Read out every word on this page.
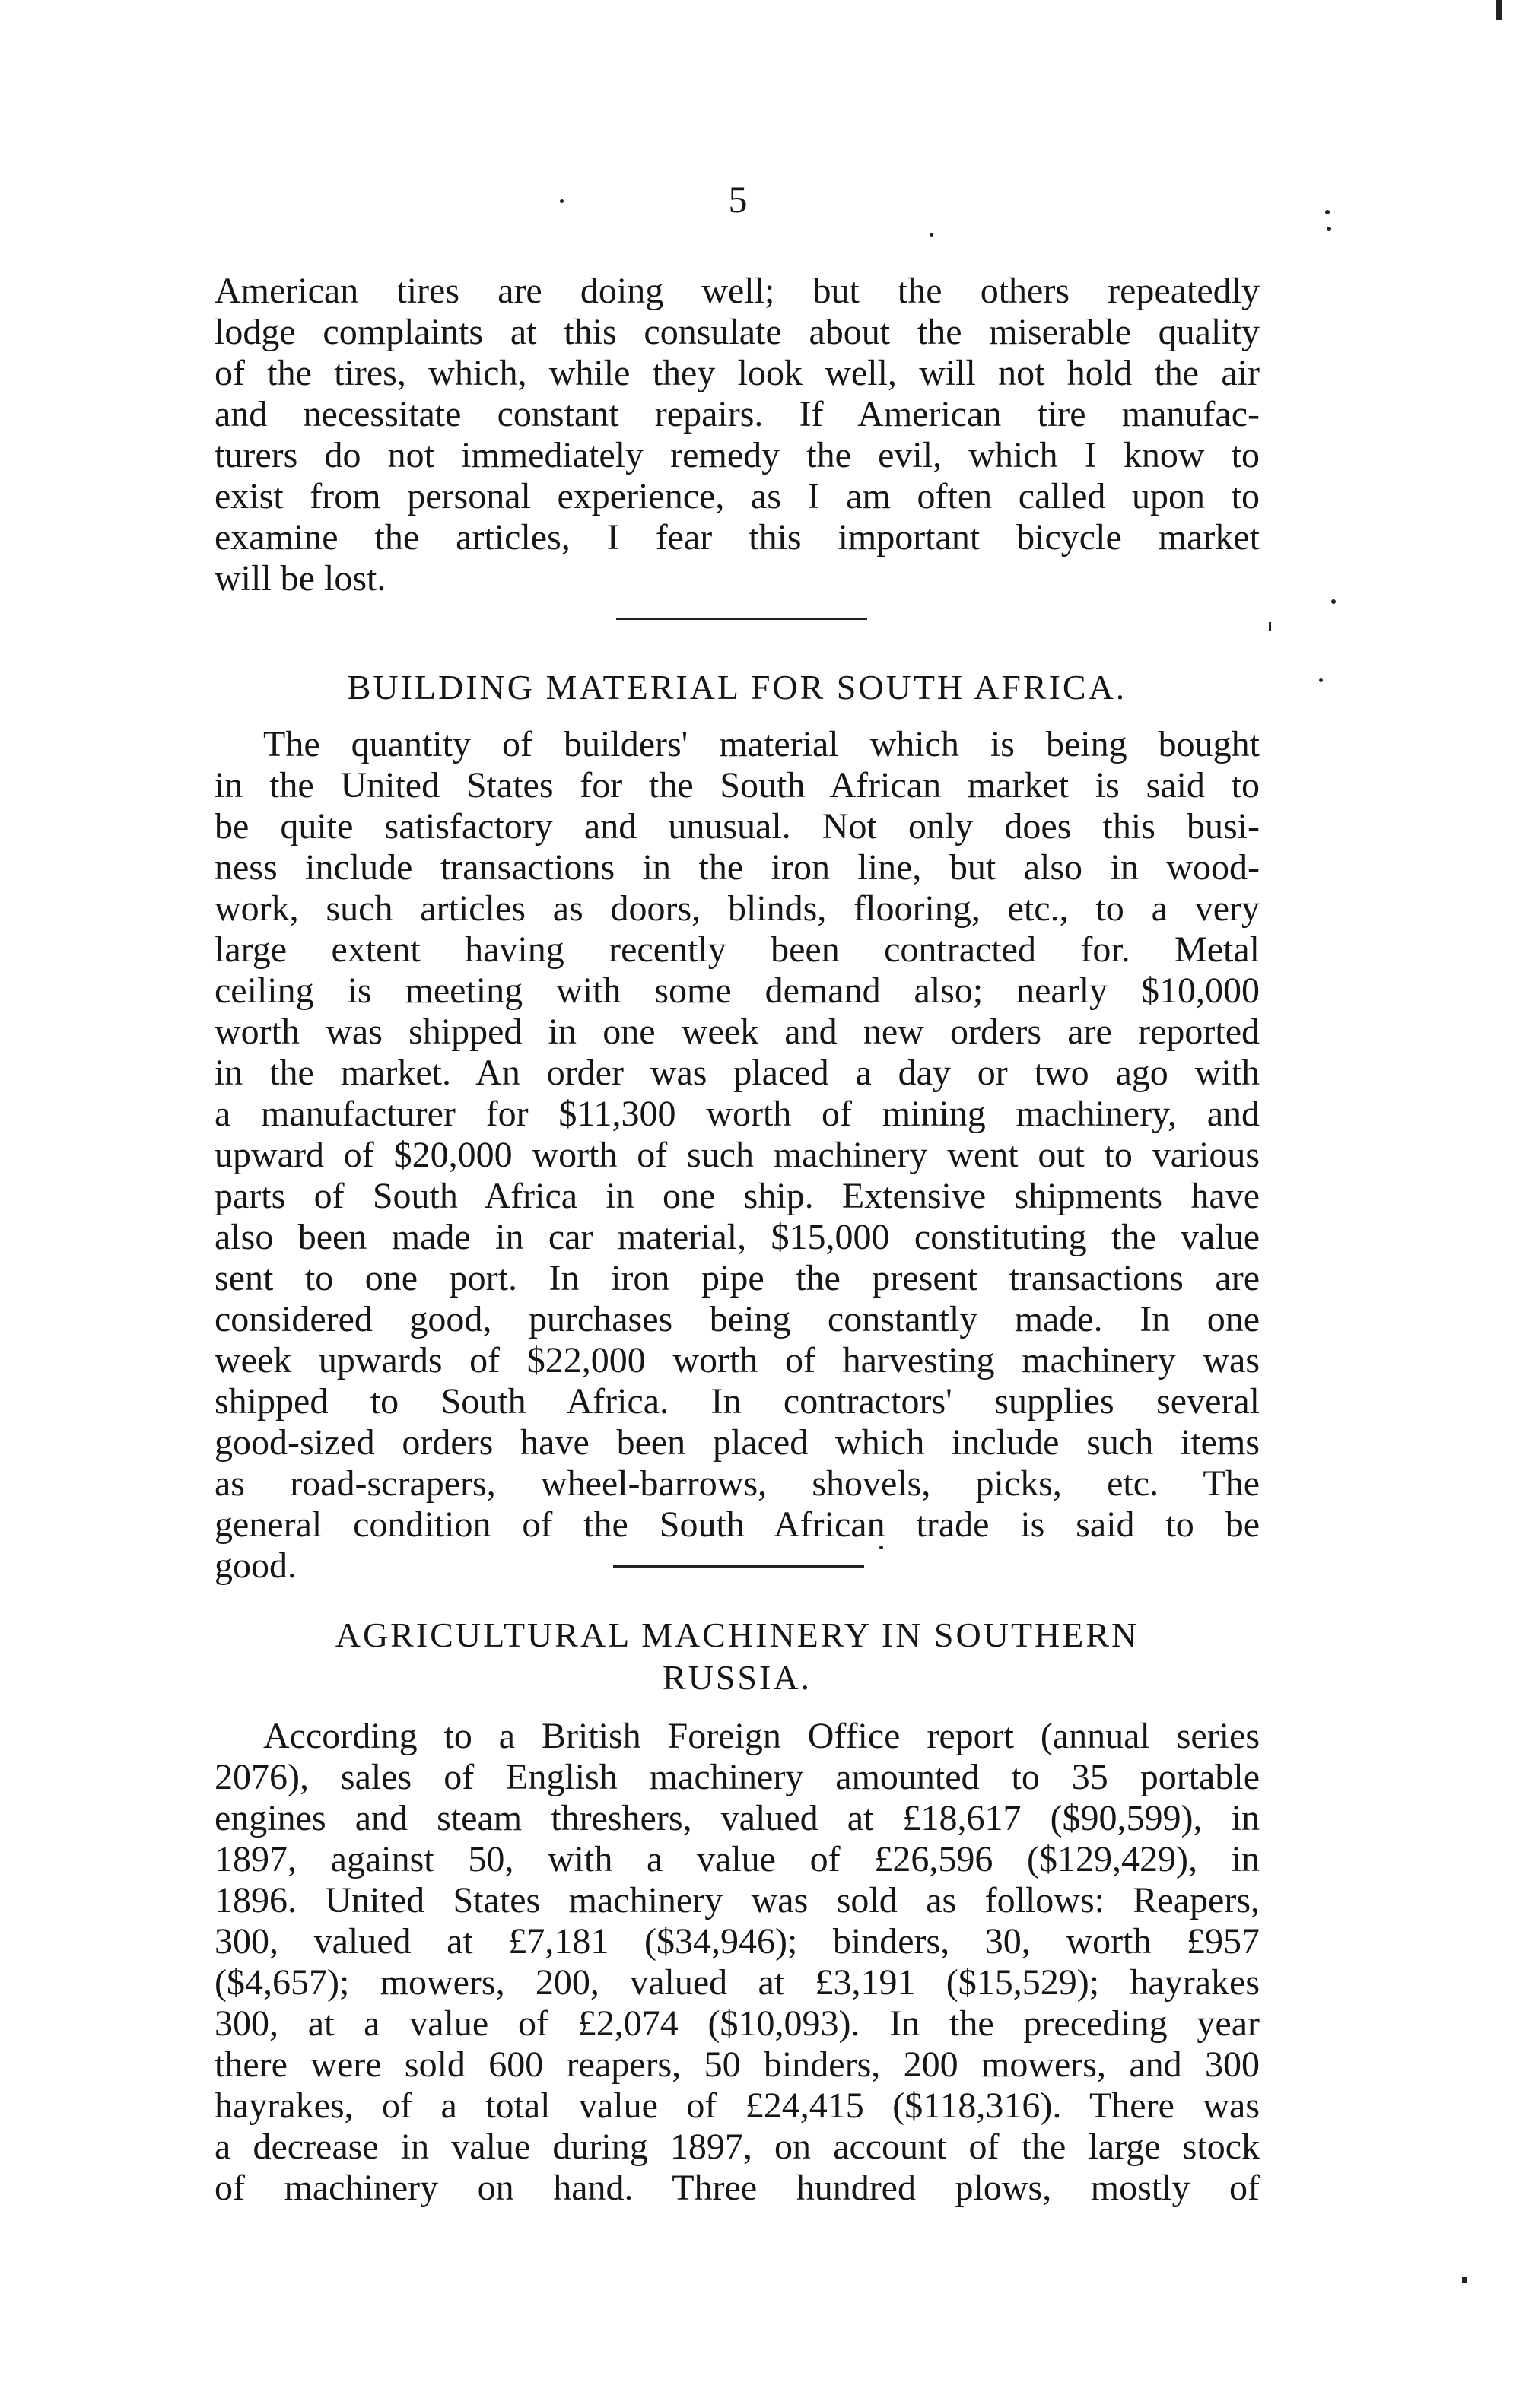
5
American tires are doing well; but the others repeatedly
lodge complaints at this consulate about the miserable quality
of the tires, which, while they look well, will not hold the air
and necessitate constant repairs. If American tire manufac-
turers do not immediately remedy the evil, which I know to
exist from personal experience, as I am often called upon to
examine the articles, I fear this important bicycle market
will be lost.
BUILDING MATERIAL FOR SOUTH AFRICA.
The quantity of builders' material which is being bought
in the United States for the South African market is said to
be quite satisfactory and unusual. Not only does this busi-
ness include transactions in the iron line, but also in wood-
work, such articles as doors, blinds, flooring, etc., to a very
large extent having recently been contracted for. Metal
ceiling is meeting with some demand also; nearly $10,000
worth was shipped in one week and new orders are reported
in the market. An order was placed a day or two ago with
a manufacturer for $11,300 worth of mining machinery, and
upward of $20,000 worth of such machinery went out to various
parts of South Africa in one ship. Extensive shipments have
also been made in car material, $15,000 constituting the value
sent to one port. In iron pipe the present transactions are
considered good, purchases being constantly made. In one
week upwards of $22,000 worth of harvesting machinery was
shipped to South Africa. In contractors' supplies several
good-sized orders have been placed which include such items
as road-scrapers, wheel-barrows, shovels, picks, etc. The
general condition of the South African trade is said to be
good.
AGRICULTURAL MACHINERY IN SOUTHERN
RUSSIA.
According to a British Foreign Office report (annual series
2076), sales of English machinery amounted to 35 portable
engines and steam threshers, valued at £18,617 ($90,599), in
1897, against 50, with a value of £26,596 ($129,429), in
1896. United States machinery was sold as follows: Reapers,
300, valued at £7,181 ($34,946); binders, 30, worth £957
($4,657); mowers, 200, valued at £3,191 ($15,529); hayrakes
300, at a value of £2,074 ($10,093). In the preceding year
there were sold 600 reapers, 50 binders, 200 mowers, and 300
hayrakes, of a total value of £24,415 ($118,316). There was
a decrease in value during 1897, on account of the large stock
of machinery on hand. Three hundred plows, mostly of
